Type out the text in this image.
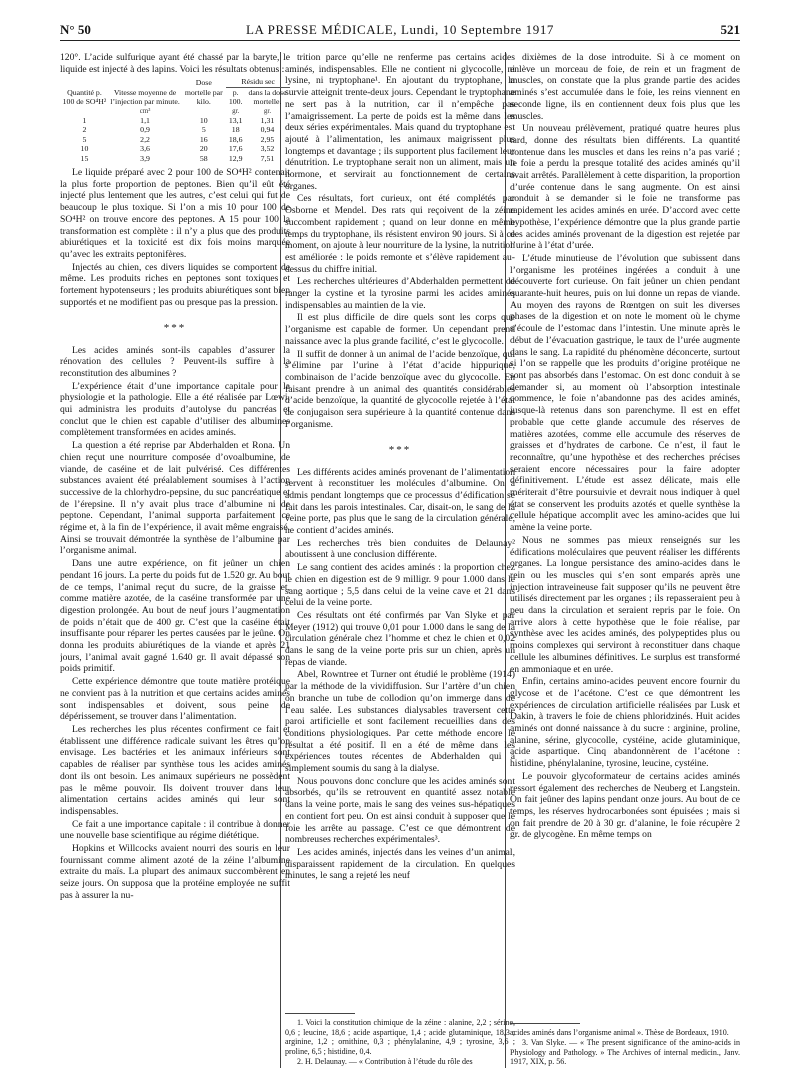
N° 50	LA PRESSE MÉDICALE, Lundi, 10 Septembre 1917	521

120°. L’acide sulfurique ayant été chassé par la baryte, le liquide est injecté à des lapins. Voici les résultats obtenus :

Quantité p. 100 de SO⁴H²	Vitesse moyenne de l’injection par minute.	Dose mortelle par kilo.	Résidu sec	
			p. 100.	dans la dose mortelle.
	cm³		gr.	gr.
1	1,1	10	13,1	1,31
2	0,9	5	18	0,94
5	2,2	16	18,6	2,95
10	3,6	20	17,6	3,52
15	3,9	58	12,9	7,51

Le liquide préparé avec 2 pour 100 de SO⁴H² contenait la plus forte proportion de peptones. Bien qu’il eût été injecté plus lentement que les autres, c’est celui qui fut de beaucoup le plus toxique. Si l’on a mis 10 pour 100 de SO⁴H² on trouve encore des peptones. A 15 pour 100 la transformation est complète : il n’y a plus que des produits abiurétiques et la toxicité est dix fois moins marquée qu’avec les extraits peptonifères.

Injectés au chien, ces divers liquides se comportent de même. Les produits riches en peptones sont toxiques et fortement hypotenseurs ; les produits abiurétiques sont bien supportés et ne modifient pas ou presque pas la pression.

***

Les acides aminés sont-ils capables d’assurer la rénovation des cellules ? Peuvent-ils suffire à la reconstitution des albumines ?

L’expérience était d’une importance capitale pour la physiologie et la pathologie. Elle a été réalisée par Lœwi, qui administra les produits d’autolyse du pancréas et conclut que le chien est capable d’utiliser des albumines complètement transformées en acides aminés.

La question a été reprise par Abderhalden et Rona. Un chien reçut une nourriture composée d’ovoalbumine, de viande, de caséine et de lait pulvérisé. Ces différentes substances avaient été préalablement soumises à l’action successive de la chlorhydro-pepsine, du suc pancréatique et de l’érepsine. Il n’y avait plus trace d’albumine ni de peptone. Cependant, l’animal supporta parfaitement ce régime et, à la fin de l’expérience, il avait même engraissé. Ainsi se trouvait démontrée la synthèse de l’albumine par l’organisme animal.

Dans une autre expérience, on fit jeûner un chien pendant 16 jours. La perte du poids fut de 1.520 gr. Au bout de ce temps, l’animal reçut du sucre, de la graisse et, comme matière azotée, de la caséine transformée par une digestion prolongée. Au bout de neuf jours l’augmentation de poids n’était que de 400 gr. C’est que la caséine était insuffisante pour réparer les pertes causées par le jeûne. On donna les produits abiurétiques de la viande et après 21 jours, l’animal avait gagné 1.640 gr. Il avait dépassé son poids primitif.

Cette expérience démontre que toute matière protéique ne convient pas à la nutrition et que certains acides aminés sont indispensables et doivent, sous peine de dépérissement, se trouver dans l’alimentation.

Les recherches les plus récentes confirment ce fait et établissent une différence radicale suivant les êtres qu’on envisage. Les bactéries et les animaux inférieurs sont capables de réaliser par synthèse tous les acides aminés dont ils ont besoin. Les animaux supérieurs ne possèdent pas le même pouvoir. Ils doivent trouver dans leur alimentation certains acides aminés qui leur sont indispensables.

Ce fait a une importance capitale : il contribue à donner une nouvelle base scientifique au régime diététique.

Hopkins et Willcocks avaient nourri des souris en leur fournissant comme aliment azoté de la zéine l’albumine extraite du maïs. La plupart des animaux succombèrent en seize jours. On supposa que la protéine employée ne suffit pas à assurer la nu-

trition parce qu’elle ne renferme pas certains acides aminés, indispensables. Elle ne contient ni glycocolle, ni lysine, ni tryptophane¹. En ajoutant du tryptophane, la survie atteignit trente-deux jours. Cependant le tryptophane ne sert pas à la nutrition, car il n’empêche pas l’amaigrissement. La perte de poids est la même dans les deux séries expérimentales. Mais quand du tryptophane est ajouté à l’alimentation, les animaux maigrissent plus longtemps et davantage ; ils supportent plus facilement leur dénutrition. Le tryptophane serait non un aliment, mais un hormone, et servirait au fonctionnement de certains organes.

Ces résultats, fort curieux, ont été complétés par Osborne et Mendel. Des rats qui reçoivent de la zéine succombent rapidement ; quand on leur donne en même temps du tryptophane, ils résistent environ 90 jours. Si à ce moment, on ajoute à leur nourriture de la lysine, la nutrition est améliorée : le poids remonte et s’élève rapidement au-dessus du chiffre initial.

Les recherches ultérieures d’Abderhalden permettent de ranger la cystine et la tyrosine parmi les acides aminés indispensables au maintien de la vie.

Il est plus difficile de dire quels sont les corps que l’organisme est capable de former. Un cependant prend naissance avec la plus grande facilité, c’est le glycocolle.

Il suffit de donner à un animal de l’acide benzoïque, qui s’élimine par l’urine à l’état d’acide hippurique, combinaison de l’acide benzoïque avec du glycocolle. En faisant prendre à un animal des quantités considérables d’acide benzoïque, la quantité de glycocolle rejetée à l’état de conjugaison sera supérieure à la quantité contenue dans l’organisme.

***

Les différents acides aminés provenant de l’alimentation servent à reconstituer les molécules d’albumine. On a admis pendant longtemps que ce processus d’édification se fait dans les parois intestinales. Car, disait-on, le sang de la veine porte, pas plus que le sang de la circulation générale, ne contient d’acides aminés.

Les recherches très bien conduites de Delaunay² aboutissent à une conclusion différente.

Le sang contient des acides aminés : la proportion chez le chien en digestion est de 9 milligr. 9 pour 1.000 dans le sang aortique ; 5,5 dans celui de la veine cave et 21 dans celui de la veine porte.

Ces résultats ont été confirmés par Van Slyke et par Meyer (1912) qui trouve 0,01 pour 1.000 dans le sang de la circulation générale chez l’homme et chez le chien et 0,02 dans le sang de la veine porte pris sur un chien, après un repas de viande.

Abel, Rowntree et Turner ont étudié le problème (1914) par la méthode de la vividiffusion. Sur l’artère d’un chien on branche un tube de collodion qu’on immerge dans de l’eau salée. Les substances dialysables traversent cette paroi artificielle et sont facilement recueillies dans des conditions physiologiques. Par cette méthode encore le résultat a été positif. Il en a été de même dans les expériences toutes récentes de Abderhalden qui a simplement soumis du sang à la dialyse.

Nous pouvons donc conclure que les acides aminés sont absorbés, qu’ils se retrouvent en quantité assez notable dans la veine porte, mais le sang des veines sus-hépatiques en contient fort peu. On est ainsi conduit à supposer que le foie les arrête au passage. C’est ce que démontrent de nombreuses recherches expérimentales³.

Les acides aminés, injectés dans les veines d’un animal, disparaissent rapidement de la circulation. En quelques minutes, le sang a rejeté les neuf

1. Voici la constitution chimique de la zéine : alanine, 2,2 ; sérine, 0,6 ; leucine, 18,6 ; acide aspartique, 1,4 ; acide glutaminique, 18,3 ; arginine, 1,2 ; ornithine, 0,3 ; phénylalanine, 4,9 ; tyrosine, 3,6 ; proline, 6,5 ; histidine, 0,4.

2. H. Delaunay. — « Contribution à l’étude du rôle des

dixièmes de la dose introduite. Si à ce moment on enlève un morceau de foie, de rein et un fragment de muscles, on constate que la plus grande partie des acides aminés s’est accumulée dans le foie, les reins viennent en seconde ligne, ils en contiennent deux fois plus que les muscles.

Un nouveau prélèvement, pratiqué quatre heures plus tard, donne des résultats bien différents. La quantité contenue dans les muscles et dans les reins n’a pas varié ; le foie a perdu la presque totalité des acides aminés qu’il avait arrêtés. Parallèlement à cette disparition, la proportion d’urée contenue dans le sang augmente. On est ainsi conduit à se demander si le foie ne transforme pas rapidement les acides aminés en urée. D’accord avec cette hypothèse, l’expérience démontre que la plus grande partie des acides aminés provenant de la digestion est rejetée par l’urine à l’état d’urée.

L’étude minutieuse de l’évolution que subissent dans l’organisme les protéines ingérées a conduit à une découverte fort curieuse. On fait jeûner un chien pendant quarante-huit heures, puis on lui donne un repas de viande. Au moyen des rayons de Rœntgen on suit les diverses phases de la digestion et on note le moment où le chyme s’écoule de l’estomac dans l’intestin. Une minute après le début de l’évacuation gastrique, le taux de l’urée augmente dans le sang. La rapidité du phénomène déconcerte, surtout si l’on se rappelle que les produits d’origine protéique ne sont pas absorbés dans l’estomac. On est donc conduit à se demander si, au moment où l’absorption intestinale commence, le foie n’abandonne pas des acides aminés, jusque-là retenus dans son parenchyme. Il est en effet probable que cette glande accumule des réserves de matières azotées, comme elle accumule des réserves de graisses et d’hydrates de carbone. Ce n’est, il faut le reconnaître, qu’une hypothèse et des recherches précises seraient encore nécessaires pour la faire adopter définitivement. L’étude est assez délicate, mais elle mériterait d’être poursuivie et devrait nous indiquer à quel état se conservent les produits azotés et quelle synthèse la cellule hépatique accomplit avec les amino-acides que lui amène la veine porte.

Nous ne sommes pas mieux renseignés sur les édifications moléculaires que peuvent réaliser les différents organes. La longue persistance des amino-acides dans le rein ou les muscles qui s’en sont emparés après une injection intraveineuse fait supposer qu’ils ne peuvent être utilisés directement par les organes ; ils repasseraient peu à peu dans la circulation et seraient repris par le foie. On arrive alors à cette hypothèse que le foie réalise, par synthèse avec les acides aminés, des polypeptides plus ou moins complexes qui serviront à reconstituer dans chaque cellule les albumines définitives. Le surplus est transformé en ammoniaque et en urée.

Enfin, certains amino-acides peuvent encore fournir du glycose et de l’acétone. C’est ce que démontrent les expériences de circulation artificielle réalisées par Lusk et Dakin, à travers le foie de chiens phloridzinés. Huit acides aminés ont donné naissance à du sucre : arginine, proline, alanine, sérine, glycocolle, cystéine, acide glutaminique, acide aspartique. Cinq abandonnèrent de l’acétone : histidine, phénylalanine, tyrosine, leucine, cystéine.

Le pouvoir glycoformateur de certains acides aminés ressort également des recherches de Neuberg et Langstein. On fait jeûner des lapins pendant onze jours. Au bout de ce temps, les réserves hydrocarbonées sont épuisées ; mais si on fait prendre de 20 à 30 gr. d’alanine, le foie récupère 2 gr. de glycogène. En même temps on

acides aminés dans l’organisme animal ». Thèse de Bordeaux, 1910.

3. Van Slyke. — « The present significance of the amino-acids in Physiology and Pathology. » The Archives of internal medicin., Janv. 1917, XIX, p. 56.
